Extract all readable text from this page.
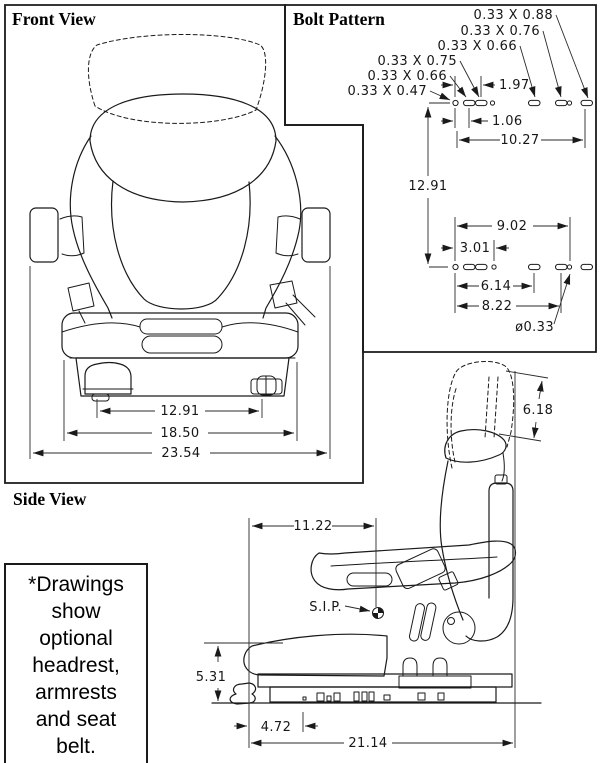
Front View	Bolt Pattern
Side View
12.91
18.50
23.54
0.33 X 0.88
0.33 X 0.76
0.33 X 0.66
0.33 X 0.75
0.33 X 0.66
0.33 X 0.47	1.97
1.06
10.27
12.91
9.02
3.01
6.14
8.22
ø0.33
11.22
6.18
5.31
4.72
21.14
S.I.P.
*Drawings
show
optional
headrest,
armrests
and seat
belt.
